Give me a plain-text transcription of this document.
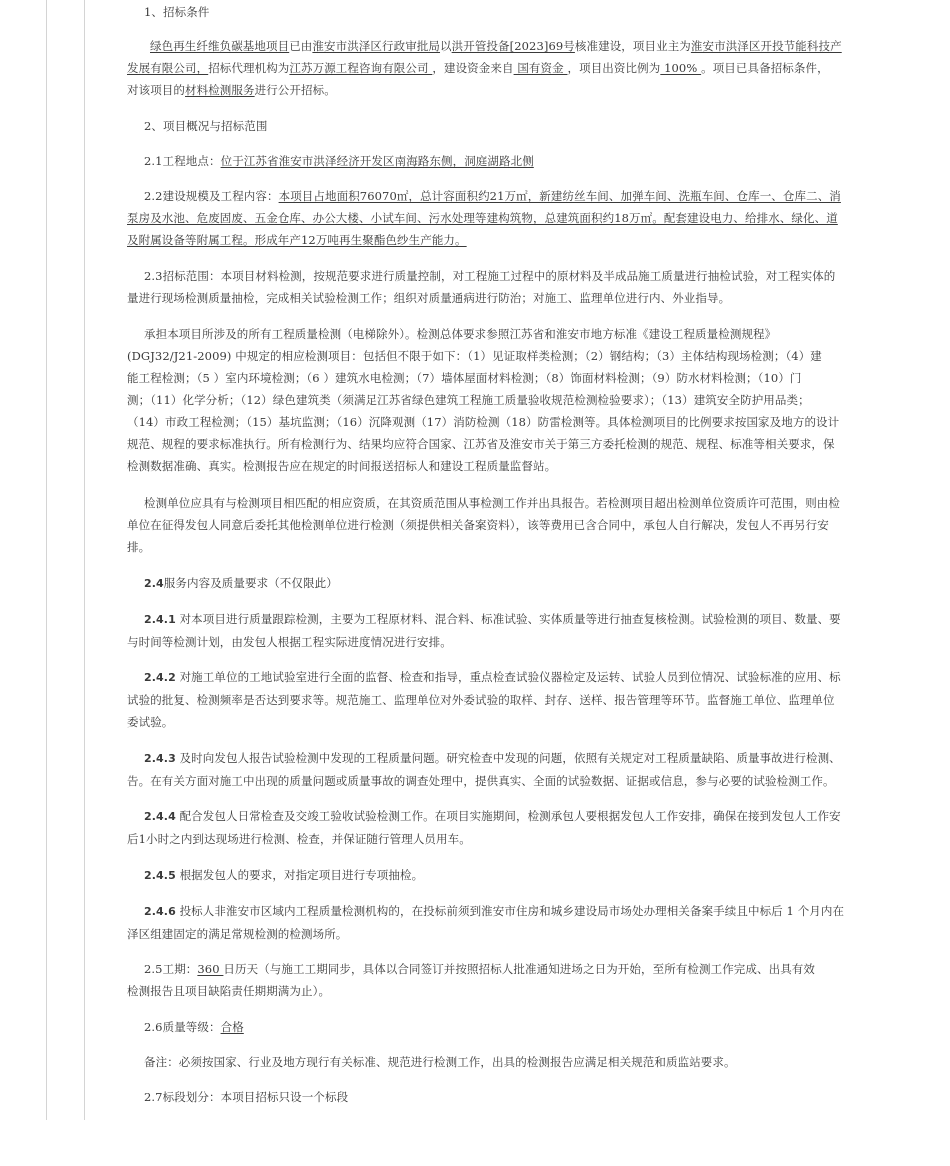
1、招标条件
绿色再生纤维负碳基地项目已由淮安市洪泽区行政审批局以洪开管投备[2023]69号核准建设，项目业主为淮安市洪泽区开投节能科技产
发展有限公司，招标代理机构为江苏万源工程咨询有限公司 ，建设资金来自 国有资金 ，项目出资比例为 100% 。项目已具备招标条件，
对该项目的材料检测服务进行公开招标。
2、项目概况与招标范围
2.1工程地点：位于江苏省淮安市洪泽经济开发区南海路东侧，洞庭湖路北侧
2.2建设规模及工程内容：本项目占地面积76070㎡，总计容面积约21万㎡，新建纺丝车间、加弹车间、洗瓶车间、仓库一、仓库二、消
泵房及水池、危废固废、五金仓库、办公大楼、小试车间、污水处理等建构筑物，总建筑面积约18万㎡。配套建设电力、给排水、绿化、道
及附属设备等附属工程。形成年产12万吨再生聚酯色纱生产能力。
2.3招标范围：本项目材料检测，按规范要求进行质量控制，对工程施工过程中的原材料及半成品施工质量进行抽检试验，对工程实体的
量进行现场检测质量抽检，完成相关试验检测工作；组织对质量通病进行防治；对施工、监理单位进行内、外业指导。
承担本项目所涉及的所有工程质量检测（电梯除外）。检测总体要求参照江苏省和淮安市地方标准《建设工程质量检测规程》
(DGJ32/J21-2009) 中规定的相应检测项目：包括但不限于如下：（1）见证取样类检测；（2）钢结构；（3）主体结构现场检测；（4）建
能工程检测；（5 ）室内环境检测；（6 ）建筑水电检测；（7）墙体屋面材料检测；（8）饰面材料检测；（9）防水材料检测；（10）门
测；（11）化学分析；（12）绿色建筑类（须满足江苏省绿色建筑工程施工质量验收规范检测检验要求）；（13）建筑安全防护用品类；
（14）市政工程检测；（15）基坑监测；（16）沉降观测（17）消防检测（18）防雷检测等。具体检测项目的比例要求按国家及地方的设计
规范、规程的要求标准执行。所有检测行为、结果均应符合国家、江苏省及淮安市关于第三方委托检测的规范、规程、标准等相关要求，保
检测数据准确、真实。检测报告应在规定的时间报送招标人和建设工程质量监督站。
检测单位应具有与检测项目相匹配的相应资质，在其资质范围从事检测工作并出具报告。若检测项目超出检测单位资质许可范围，则由检
单位在征得发包人同意后委托其他检测单位进行检测（须提供相关备案资料），该等费用已含合同中，承包人自行解决，发包人不再另行安
排。
2.4服务内容及质量要求（不仅限此）
2.4.1 对本项目进行质量跟踪检测，主要为工程原材料、混合料、标准试验、实体质量等进行抽查复核检测。试验检测的项目、数量、要
与时间等检测计划，由发包人根据工程实际进度情况进行安排。
2.4.2 对施工单位的工地试验室进行全面的监督、检查和指导，重点检查试验仪器检定及运转、试验人员到位情况、试验标准的应用、标
试验的批复、检测频率是否达到要求等。规范施工、监理单位对外委试验的取样、封存、送样、报告管理等环节。监督施工单位、监理单位
委试验。
2.4.3 及时向发包人报告试验检测中发现的工程质量问题。研究检查中发现的问题，依照有关规定对工程质量缺陷、质量事故进行检测、
告。在有关方面对施工中出现的质量问题或质量事故的调查处理中，提供真实、全面的试验数据、证据或信息，参与必要的试验检测工作。
2.4.4 配合发包人日常检查及交竣工验收试验检测工作。在项目实施期间，检测承包人要根据发包人工作安排，确保在接到发包人工作安
后1小时之内到达现场进行检测、检查，并保证随行管理人员用车。
2.4.5 根据发包人的要求，对指定项目进行专项抽检。
2.4.6 投标人非淮安市区域内工程质量检测机构的，在投标前须到淮安市住房和城乡建设局市场处办理相关备案手续且中标后 1 个月内在
泽区组建固定的满足常规检测的检测场所。
2.5工期：360 日历天（与施工工期同步，具体以合同签订并按照招标人批准通知进场之日为开始，至所有检测工作完成、出具有效
检测报告且项目缺陷责任期期满为止）。
2.6质量等级：合格
备注：必须按国家、行业及地方现行有关标准、规范进行检测工作，出具的检测报告应满足相关规范和质监站要求。
2.7标段划分：本项目招标只设一个标段
